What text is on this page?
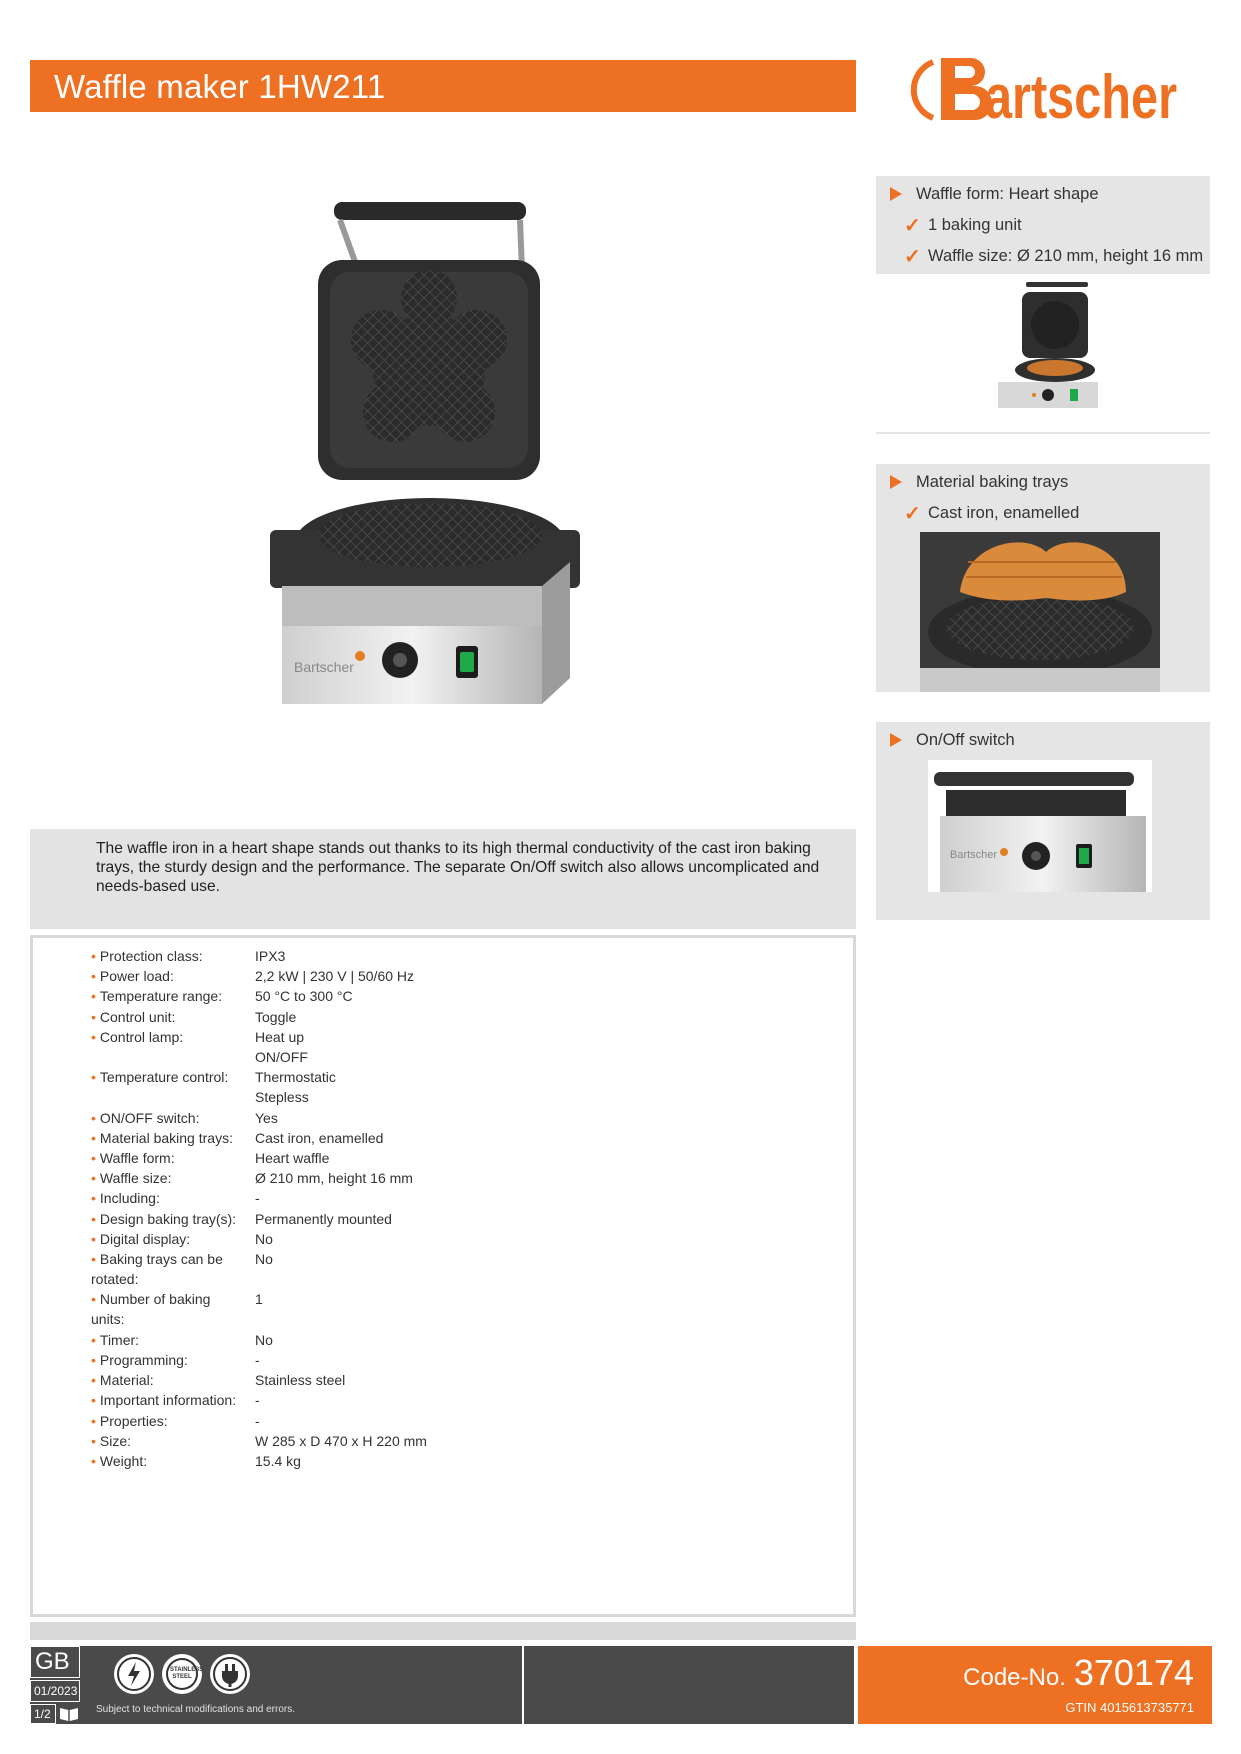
Waffle maker 1HW211	artscher
Bartscher
Waffle form: Heart shape
✓ 1 baking unit
✓ Waffle size: Ø 210 mm, height 16 mm
Material baking trays
✓ Cast iron, enamelled
On/Off switch
Bartscher
The waffle iron in a heart shape stands out thanks to its high thermal conductivity of the cast iron baking trays, the sturdy design and the performance. The separate On/Off switch also allows uncomplicated and needs-based use.
• Protection class:	IPX3
• Power load:	2,2 kW | 230 V | 50/60 Hz
• Temperature range:	50 °C to 300 °C
• Control unit:	Toggle
• Control lamp:	Heat up
ON/OFF
• Temperature control:	Thermostatic
Stepless
• ON/OFF switch:	Yes
• Material baking trays:	Cast iron, enamelled
• Waffle form:	Heart waffle
• Waffle size:	Ø 210 mm, height 16 mm
• Including:	-
• Design baking tray(s):	Permanently mounted
• Digital display:	No
• Baking trays can be rotated:
No
• Number of baking units:
1
• Timer:	No
• Programming:	-
• Material:	Stainless steel
• Important information:	-
• Properties:	-
• Size:	W 285 x D 470 x H 220 mm
• Weight:	15.4 kg
GB
01/2023
1/2
STAINLESS STEEL
Subject to technical modifications and errors.
Code-No. 370174
GTIN 4015613735771
